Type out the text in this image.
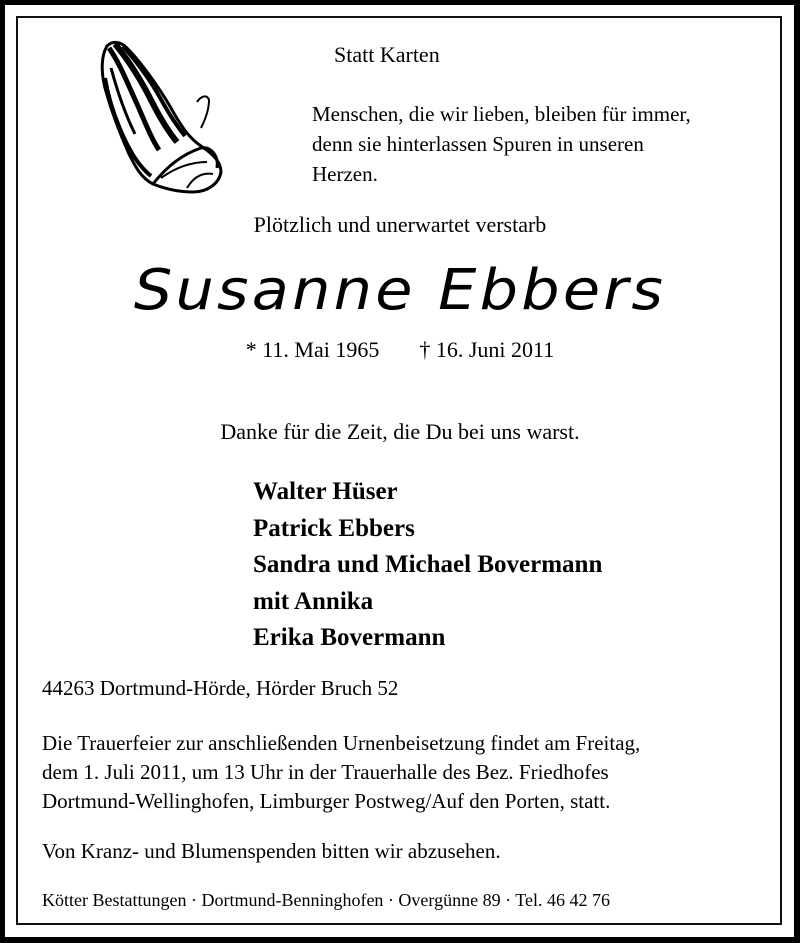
Statt Karten
Menschen, die wir lieben, bleiben für immer,
denn sie hinterlassen Spuren in unseren
Herzen.
Plötzlich und unerwartet verstarb
Susanne Ebbers
* 11. Mai 1965 † 16. Juni 2011
Danke für die Zeit, die Du bei uns warst.
Walter Hüser
Patrick Ebbers
Sandra und Michael Bovermann
mit Annika
Erika Bovermann
44263 Dortmund-Hörde, Hörder Bruch 52
Die Trauerfeier zur anschließenden Urnenbeisetzung findet am Freitag,
dem 1. Juli 2011, um 13 Uhr in der Trauerhalle des Bez. Friedhofes
Dortmund-Wellinghofen, Limburger Postweg/Auf den Porten, statt.
Von Kranz- und Blumenspenden bitten wir abzusehen.
Kötter Bestattungen · Dortmund-Benninghofen · Overgünne 89 · Tel. 46 42 76
